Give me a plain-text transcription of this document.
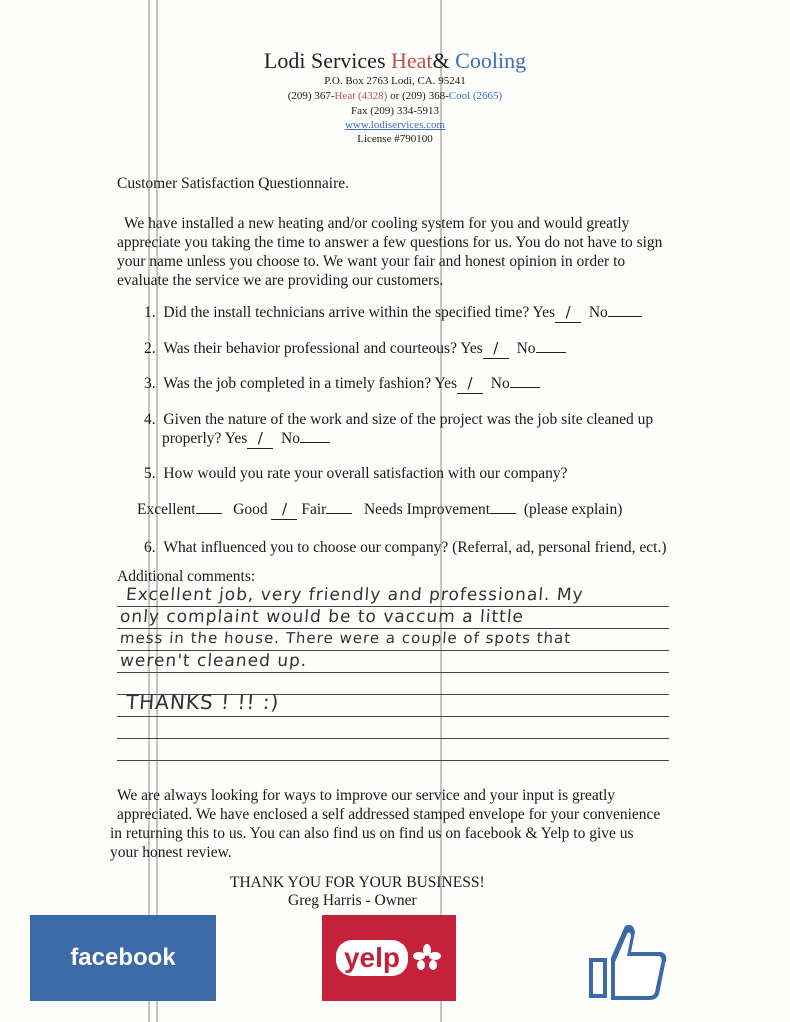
Lodi Services Heat& Cooling
P.O. Box 2763 Lodi, CA. 95241
(209) 367-Heat (4328) or (209) 368-Cool (2665)
Fax (209) 334-5913
www.lodiservices.com
License #790100
Customer Satisfaction Questionnaire.
We have installed a new heating and/or cooling system for you and would greatly
appreciate you taking the time to answer a few questions for us. You do not have to sign
your name unless you choose to. We want your fair and honest opinion in order to
evaluate the service we are providing our customers.
1. Did the install technicians arrive within the specified time? Yes / No
2. Was their behavior professional and courteous? Yes / No
3. Was the job completed in a timely fashion? Yes / No
4. Given the nature of the work and size of the project was the job site cleaned up
properly? Yes / No
5. How would you rate your overall satisfaction with our company?
Excellent Good / Fair Needs Improvement (please explain)
6. What influenced you to choose our company? (Referral, ad, personal friend, ect.)
Additional comments:
Excellent job, very friendly and professional. My
only complaint would be to vaccum a little
mess in the house. There were a couple of spots that
weren't cleaned up.
THANKS ! !! :)
We are always looking for ways to improve our service and your input is greatly
appreciated. We have enclosed a self addressed stamped envelope for your convenience
in returning this to us. You can also find us on find us on facebook & Yelp to give us
your honest review.
THANK YOU FOR YOUR BUSINESS!
Greg Harris - Owner
facebook	yelp
